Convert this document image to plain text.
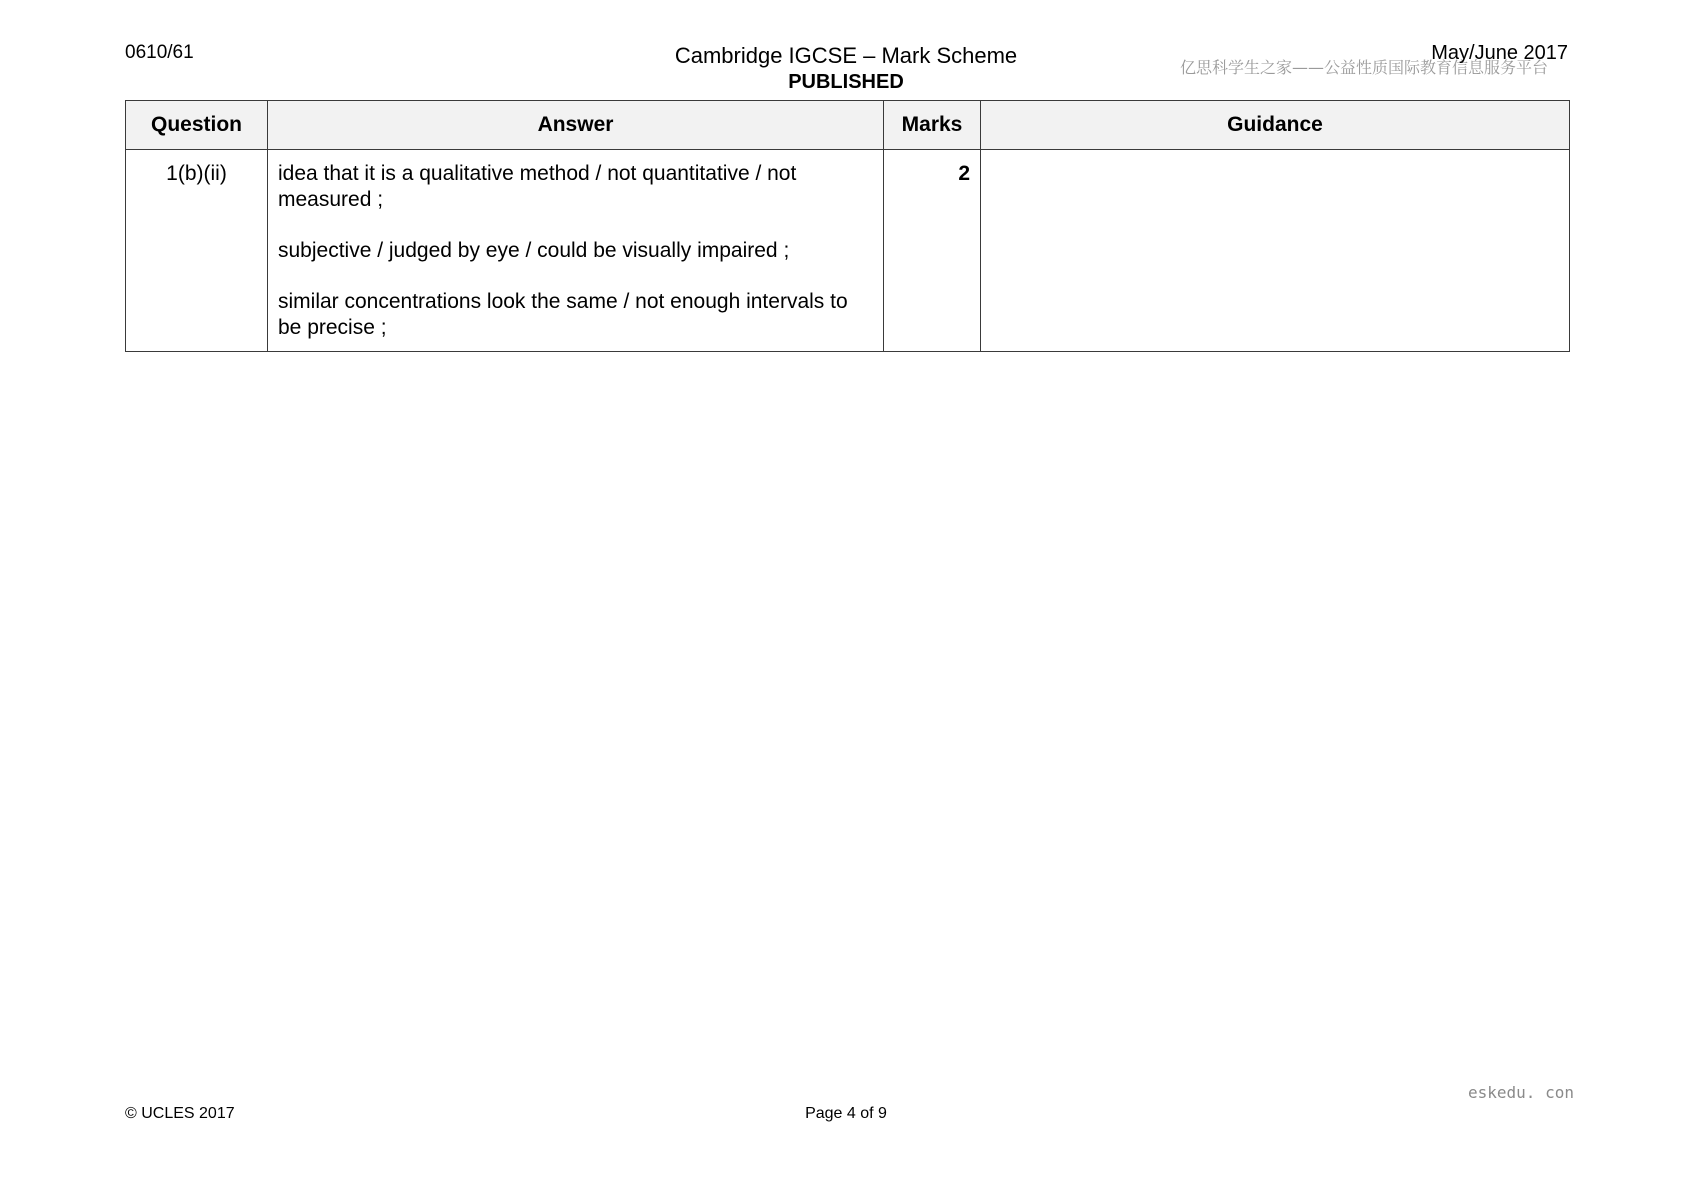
0610/61	Cambridge IGCSE – Mark Scheme
PUBLISHED
亿思科学生之家——公益性质国际教育信息服务平台
May/June 2017
Question	Answer	Marks	Guidance
1(b)(ii)	idea that it is a qualitative method / not quantitative / not measured ;
subjective / judged by eye / could be visually impaired ;
similar concentrations look the same / not enough intervals to be precise ;	2	
eskedu. con
© UCLES 2017	Page 4 of 9
